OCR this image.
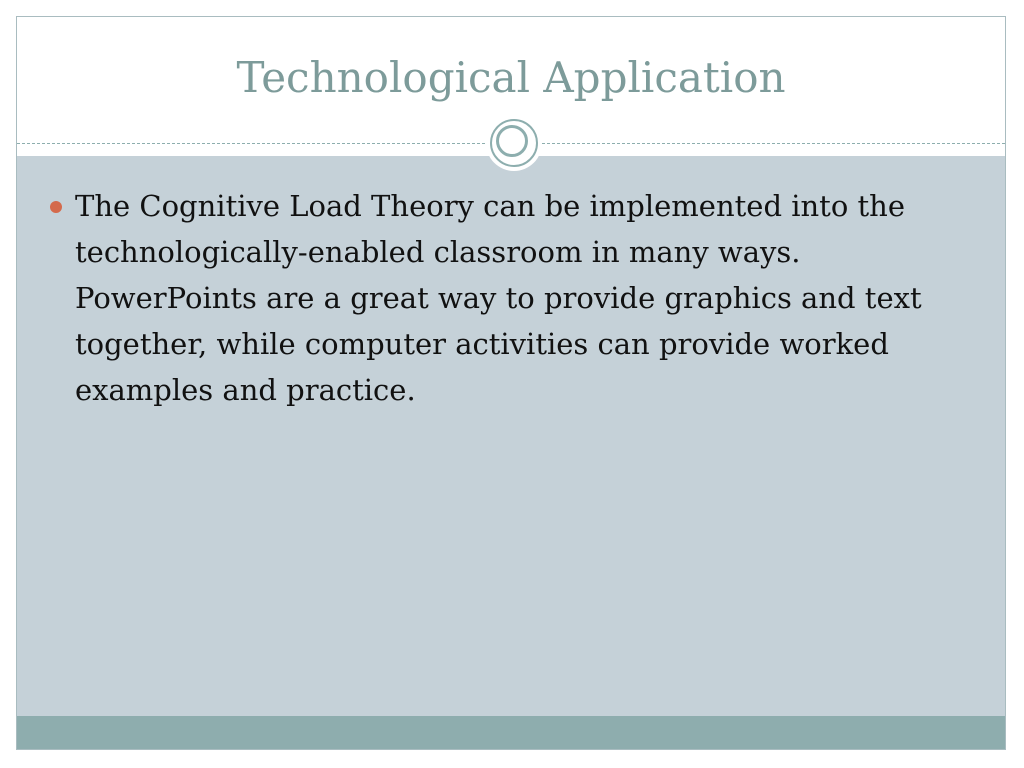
Technological Application
The Cognitive Load Theory can be implemented into the technologically-enabled classroom in many ways. PowerPoints are a great way to provide graphics and text together, while computer activities can provide worked examples and practice.
